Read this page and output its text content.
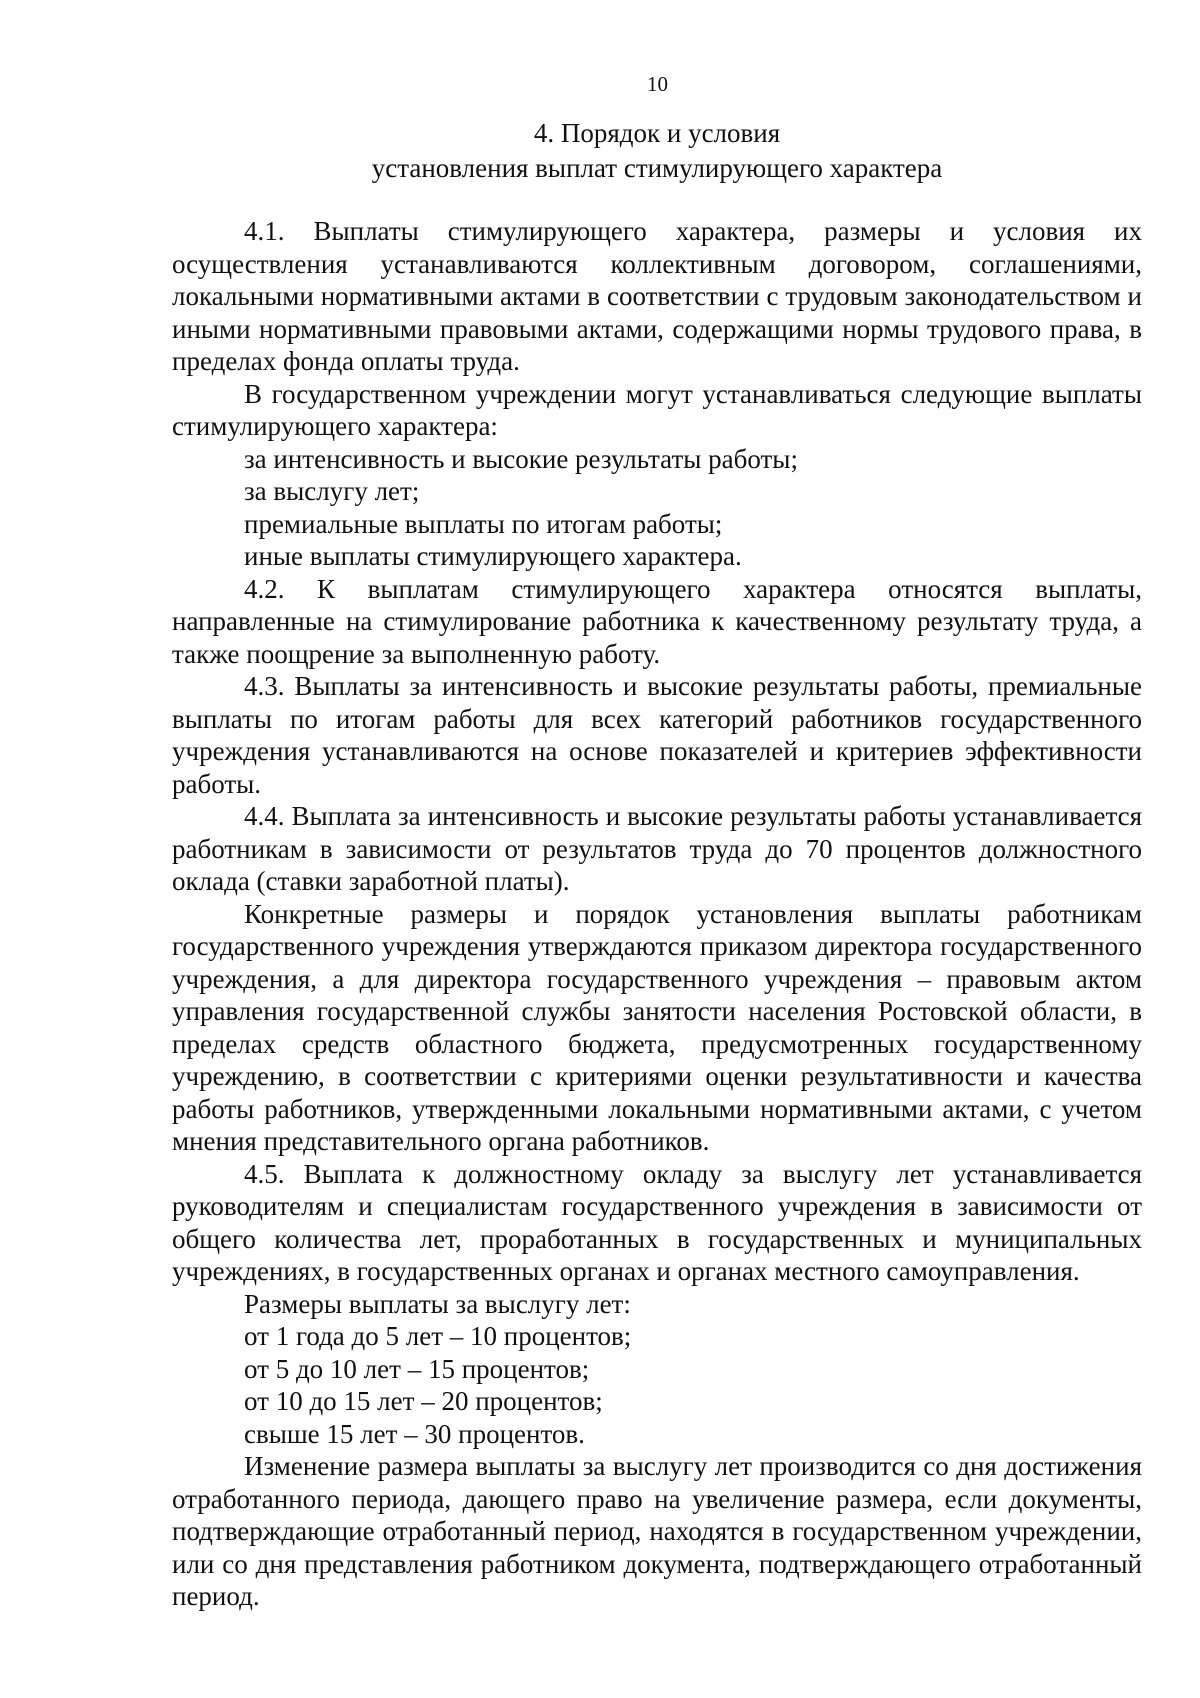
10
4. Порядок и условия
установления выплат стимулирующего характера

4.1. Выплаты стимулирующего характера, размеры и условия их осуществления устанавливаются коллективным договором, соглашениями, локальными нормативными актами в соответствии с трудовым законодательством и иными нормативными правовыми актами, содержащими нормы трудового права, в пределах фонда оплаты труда.

В государственном учреждении могут устанавливаться следующие выплаты стимулирующего характера:

за интенсивность и высокие результаты работы;

за выслугу лет;

премиальные выплаты по итогам работы;

иные выплаты стимулирующего характера.

4.2. К выплатам стимулирующего характера относятся выплаты, направленные на стимулирование работника к качественному результату труда, а также поощрение за выполненную работу.

4.3. Выплаты за интенсивность и высокие результаты работы, премиальные выплаты по итогам работы для всех категорий работников государственного учреждения устанавливаются на основе показателей и критериев эффективности работы.

4.4. Выплата за интенсивность и высокие результаты работы устанавливается работникам в зависимости от результатов труда до 70 процентов должностного оклада (ставки заработной платы).

Конкретные размеры и порядок установления выплаты работникам государственного учреждения утверждаются приказом директора государственного учреждения, а для директора государственного учреждения – правовым актом управления государственной службы занятости населения Ростовской области, в пределах средств областного бюджета, предусмотренных государственному учреждению, в соответствии с критериями оценки результативности и качества работы работников, утвержденными локальными нормативными актами, с учетом мнения представительного органа работников.

4.5. Выплата к должностному окладу за выслугу лет устанавливается руководителям и специалистам государственного учреждения в зависимости от общего количества лет, проработанных в государственных и муниципальных учреждениях, в государственных органах и органах местного самоуправления.

Размеры выплаты за выслугу лет:

от 1 года до 5 лет – 10 процентов;

от 5 до 10 лет – 15 процентов;

от 10 до 15 лет – 20 процентов;

свыше 15 лет – 30 процентов.

Изменение размера выплаты за выслугу лет производится со дня достижения отработанного периода, дающего право на увеличение размера, если документы, подтверждающие отработанный период, находятся в государственном учреждении, или со дня представления работником документа, подтверждающего отработанный период.
